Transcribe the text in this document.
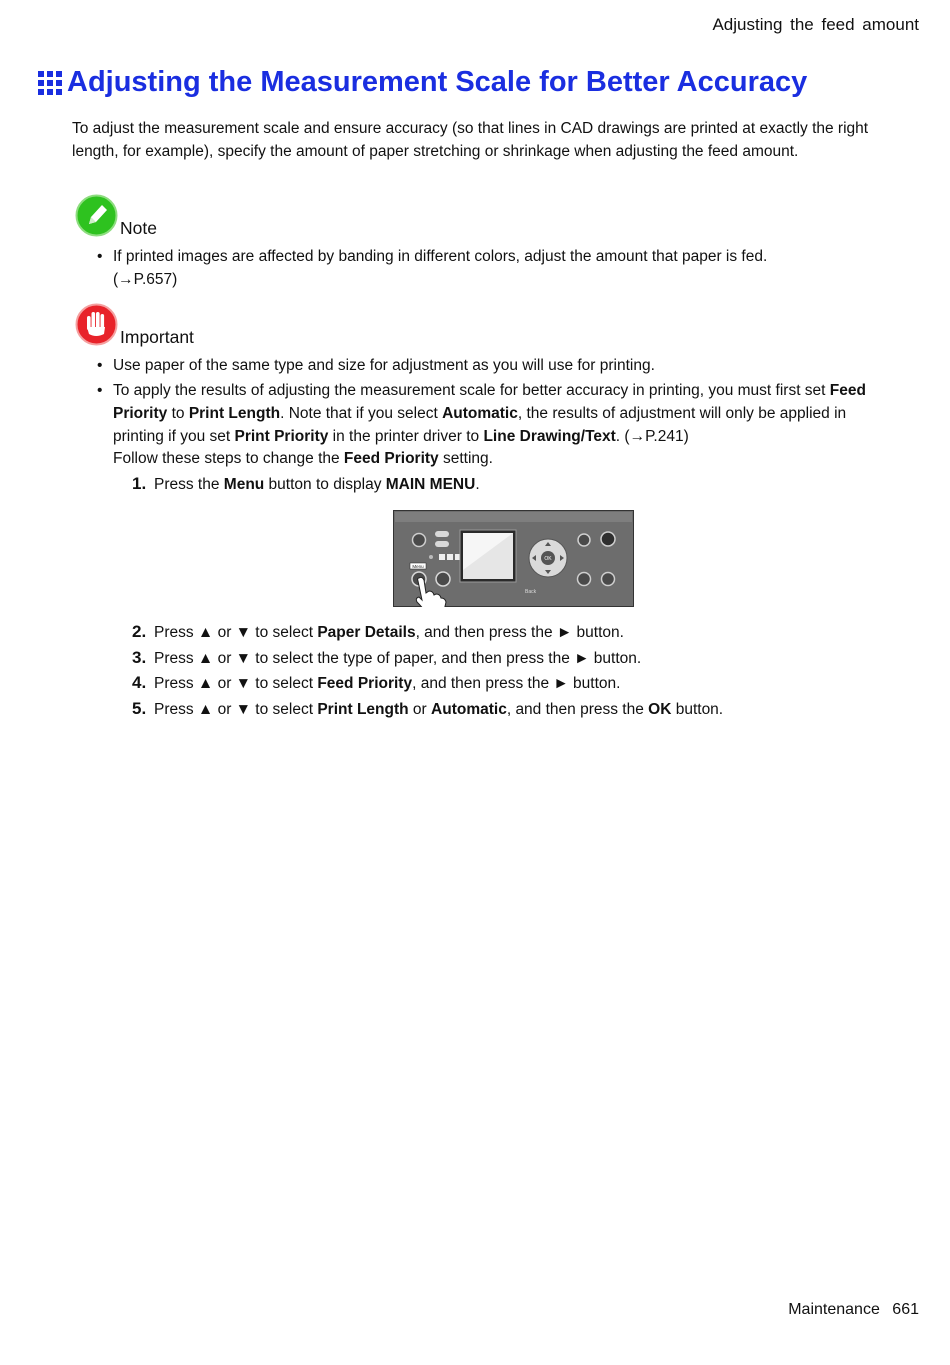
Adjusting the feed amount
Adjusting the Measurement Scale for Better Accuracy

To adjust the measurement scale and ensure accuracy (so that lines in CAD drawings are printed at exactly the right length, for example), specify the amount of paper stretching or shrinkage when adjusting the feed amount.

Note
• If printed images are affected by banding in different colors, adjust the amount that paper is fed.
(→P.657)
Important
• Use paper of the same type and size for adjustment as you will use for printing.
• To apply the results of adjusting the measurement scale for better accuracy in printing, you must first set Feed Priority to Print Length. Note that if you select Automatic, the results of adjustment will only be applied in printing if you set Print Priority in the printer driver to Line Drawing/Text. (→P.241)
Follow these steps to change the Feed Priority setting.
1. Press the Menu button to display MAIN MENU.
Menu
OK
Back
2. Press ▲ or ▼ to select Paper Details, and then press the ► button.
3. Press ▲ or ▼ to select the type of paper, and then press the ► button.
4. Press ▲ or ▼ to select Feed Priority, and then press the ► button.
5. Press ▲ or ▼ to select Print Length or Automatic, and then press the OK button.
Maintenance 661
